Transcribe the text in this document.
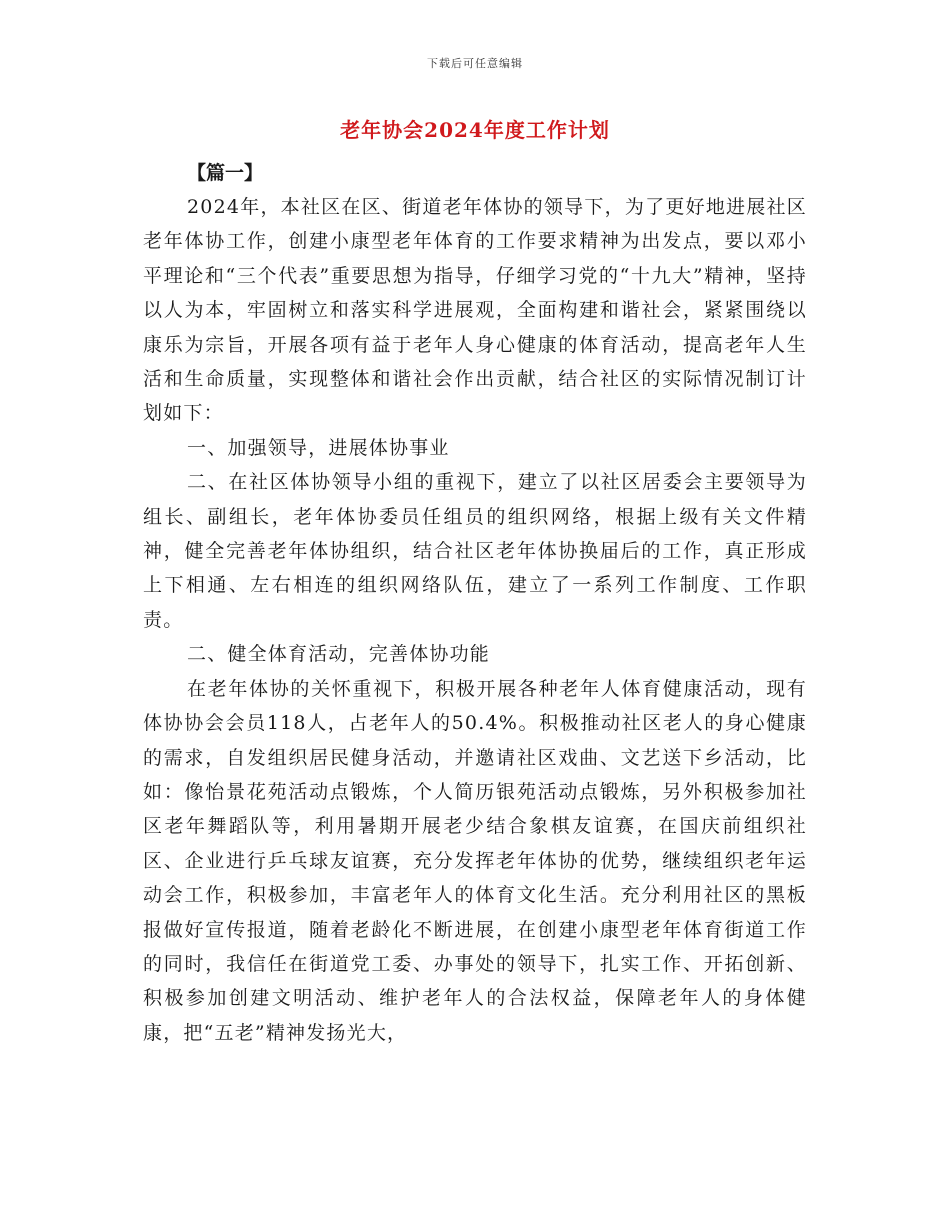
下载后可任意编辑
老年协会2024年度工作计划

【篇一】

2024年，本社区在区、街道老年体协的领导下，为了更好地进展社区老年体协工作，创建小康型老年体育的工作要求精神为出发点，要以邓小平理论和“三个代表”重要思想为指导，仔细学习党的“十九大”精神，坚持以人为本，牢固树立和落实科学进展观，全面构建和谐社会，紧紧围绕以康乐为宗旨，开展各项有益于老年人身心健康的体育活动，提高老年人生活和生命质量，实现整体和谐社会作出贡献，结合社区的实际情况制订计划如下：

一、加强领导，进展体协事业

二、在社区体协领导小组的重视下，建立了以社区居委会主要领导为组长、副组长，老年体协委员任组员的组织网络，根据上级有关文件精神，健全完善老年体协组织，结合社区老年体协换届后的工作，真正形成上下相通、左右相连的组织网络队伍，建立了一系列工作制度、工作职责。

二、健全体育活动，完善体协功能

在老年体协的关怀重视下，积极开展各种老年人体育健康活动，现有体协协会会员118人，占老年人的50.4%。积极推动社区老人的身心健康的需求，自发组织居民健身活动，并邀请社区戏曲、文艺送下乡活动，比如：像怡景花苑活动点锻炼，个人简历银苑活动点锻炼，另外积极参加社区老年舞蹈队等，利用暑期开展老少结合象棋友谊赛，在国庆前组织社区、企业进行乒乓球友谊赛，充分发挥老年体协的优势，继续组织老年运动会工作，积极参加，丰富老年人的体育文化生活。充分利用社区的黑板报做好宣传报道，随着老龄化不断进展，在创建小康型老年体育街道工作的同时，我信任在街道党工委、办事处的领导下，扎实工作、开拓创新、积极参加创建文明活动、维护老年人的合法权益，保障老年人的身体健康，把“五老”精神发扬光大，
